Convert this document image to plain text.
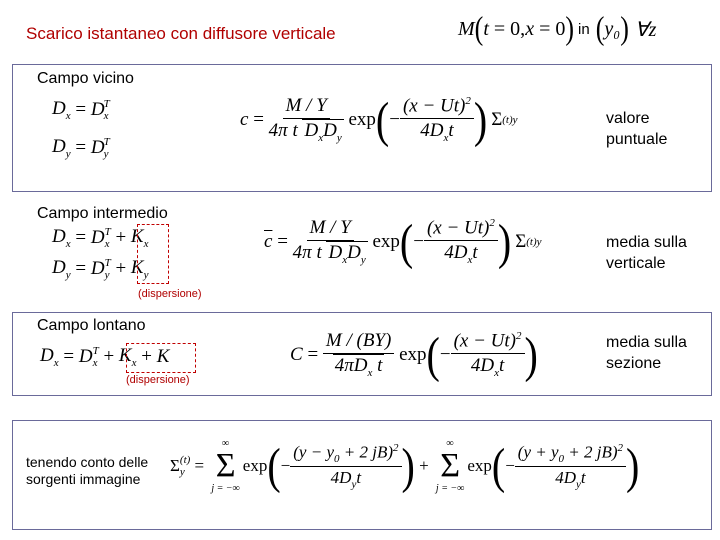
Scarico istantaneo con diffusore verticale	M ( t = 0, x = 0 ) in ( y₀ ) ∀z
Campo vicino
$D_x = D$ T
x
$D_y = D$ T
y
$c = \frac{M / Y}{4\pi t D_xD_y}$ exp ( − $\frac{(x - Ut)^2}{4D_xt}$ ) Σ (t) y	valore
puntuale
Campo intermedio
$D_x = D$ T
$x + K_x$
$D_y = D$ T
$y + K_y$
(dispersione)
$\overline{c} = \frac{M / Y}{4\pi t D_xD_y}$ exp ( − $\frac{(x - Ut)^2}{4D_xt}$ ) Σ (t) y	media sulla
verticale
Campo lontano
$D_x = D$ T
$x + K_x + K$
(dispersione)
$C = \frac{M / (BY)}{4\pi D_x t}$ exp ( − $\frac{(x - Ut)^2}{4D_xt}$ )	media sulla
sezione
tenendo conto delle
sorgenti immagine
Σ (t)
y =
∞
Σ
j = −∞
exp ( − $\frac{(y - y_0 + 2 jB)^2}{4D_yt}$ ) +
∞
Σ
j = −∞
exp ( − $\frac{(y + y_0 + 2 jB)^2}{4D_yt}$ )
